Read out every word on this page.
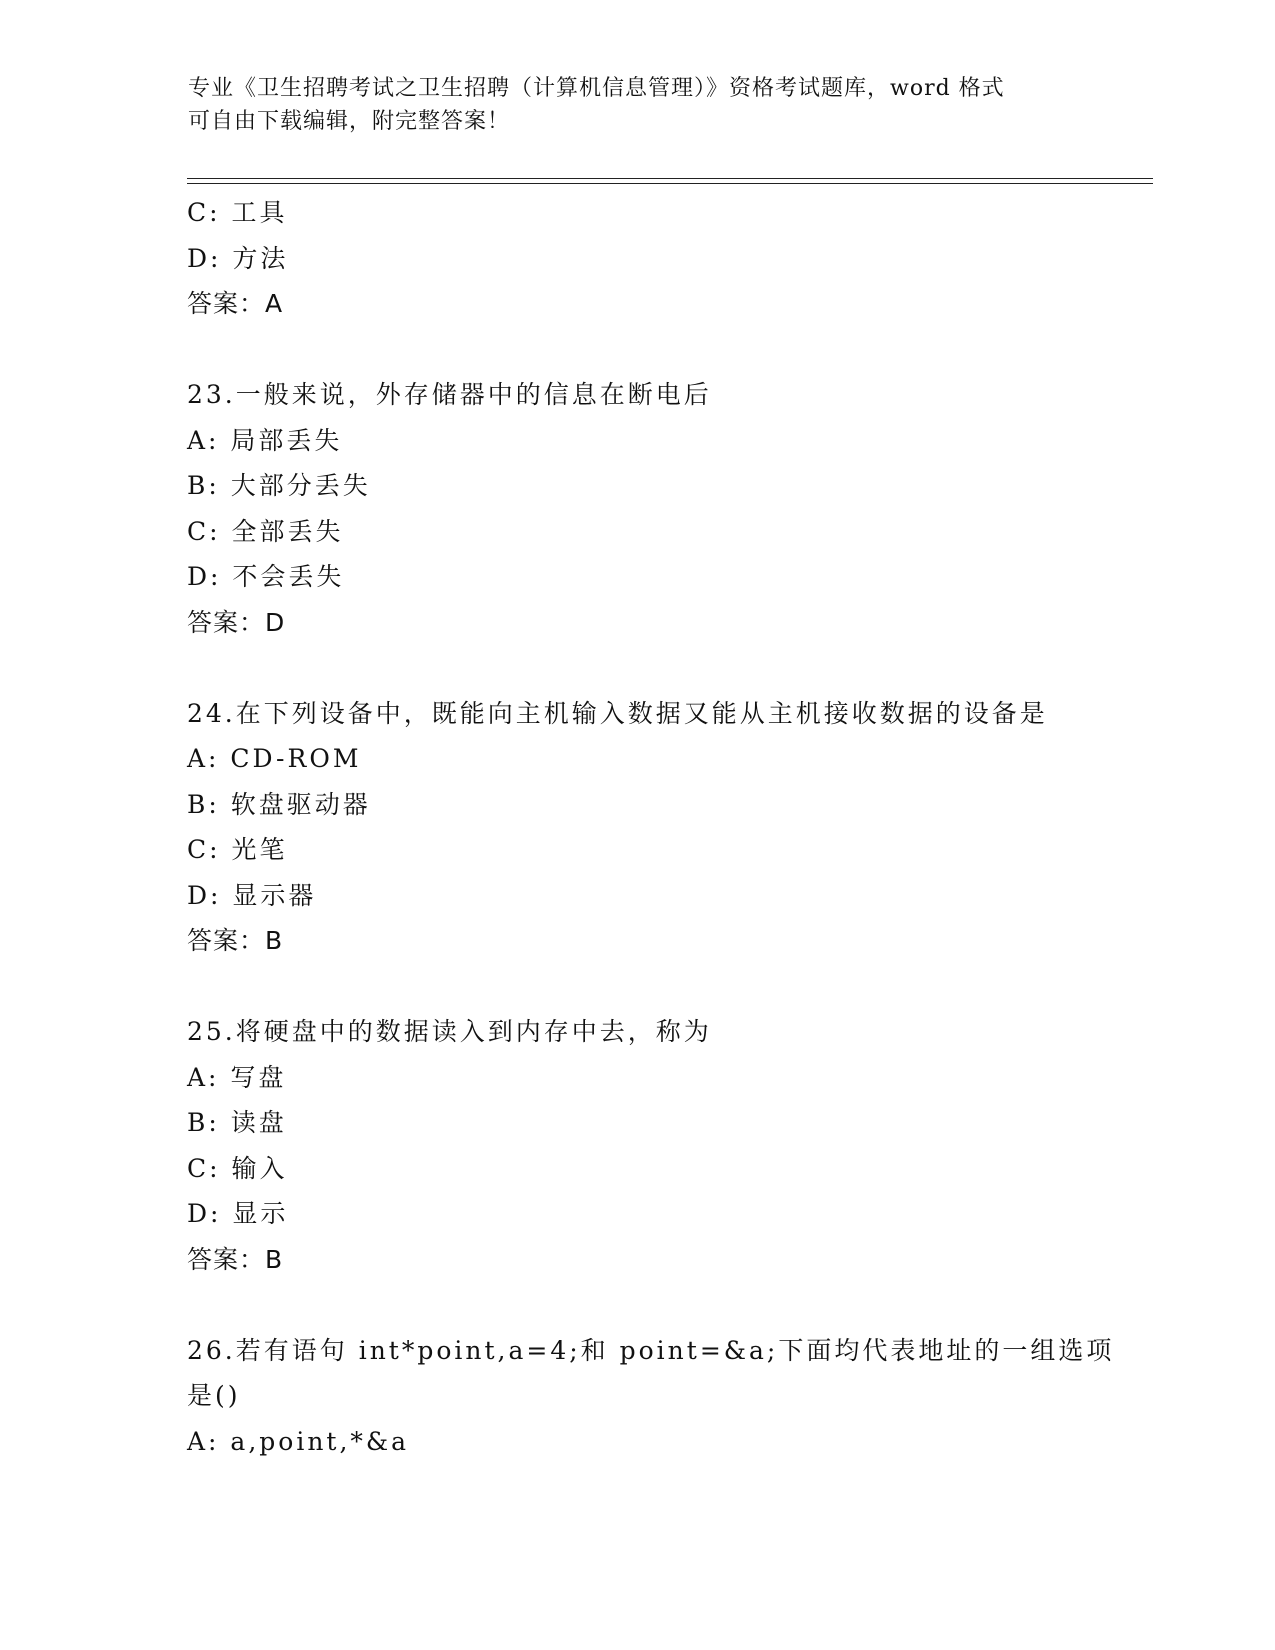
专业《卫生招聘考试之卫生招聘（计算机信息管理）》资格考试题库，word 格式
可自由下载编辑，附完整答案！
C: 工具
D: 方法
答案：A
23.一般来说，外存储器中的信息在断电后
A: 局部丢失
B: 大部分丢失
C: 全部丢失
D: 不会丢失
答案：D
24.在下列设备中，既能向主机输入数据又能从主机接收数据的设备是
A: CD-ROM
B: 软盘驱动器
C: 光笔
D: 显示器
答案：B
25.将硬盘中的数据读入到内存中去，称为
A: 写盘
B: 读盘
C: 输入
D: 显示
答案：B
26.若有语句 int*point,a=4;和 point=&a;下面均代表地址的一组选项
是()
A: a,point,*&a
